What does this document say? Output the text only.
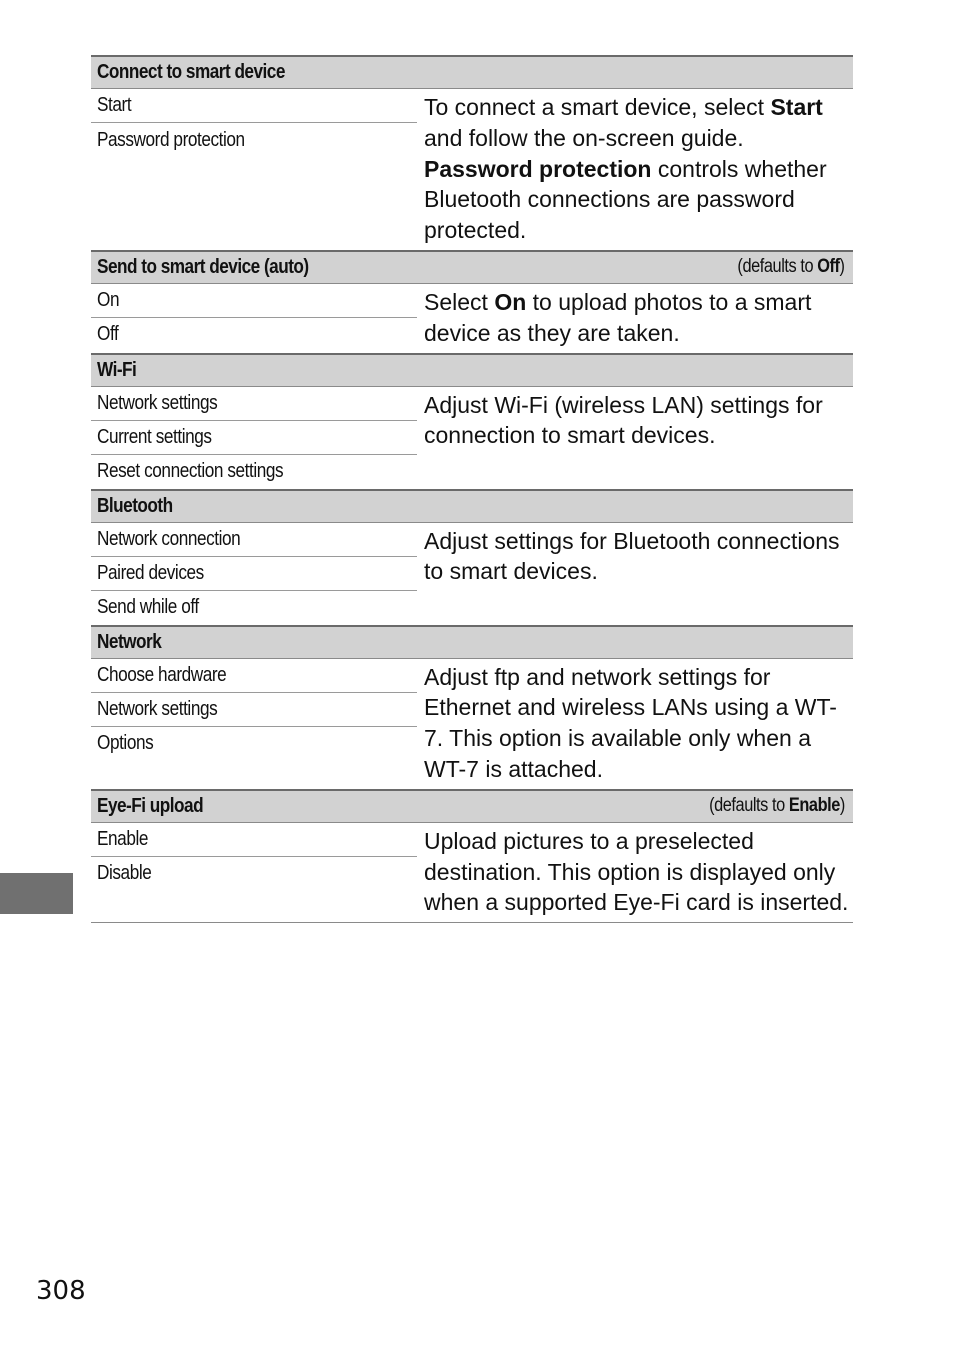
Connect to smart device
Start
Password protection
To connect a smart device, select Start and follow the on-screen guide. Password protection controls whether Bluetooth connections are password protected.
Send to smart device (auto)	(defaults to Off)
On
Off
Select On to upload photos to a smart device as they are taken.
Wi-Fi
Network settings
Current settings
Reset connection settings
Adjust Wi-Fi (wireless LAN) settings for connection to smart devices.
Bluetooth
Network connection
Paired devices
Send while off
Adjust settings for Bluetooth connections to smart devices.
Network
Choose hardware
Network settings
Options
Adjust ftp and network settings for Ethernet and wireless LANs using a WT-7. This option is available only when a WT-7 is attached.
Eye-Fi upload	(defaults to Enable)
Enable
Disable
Upload pictures to a preselected destination. This option is displayed only when a supported Eye-Fi card is inserted.
308
